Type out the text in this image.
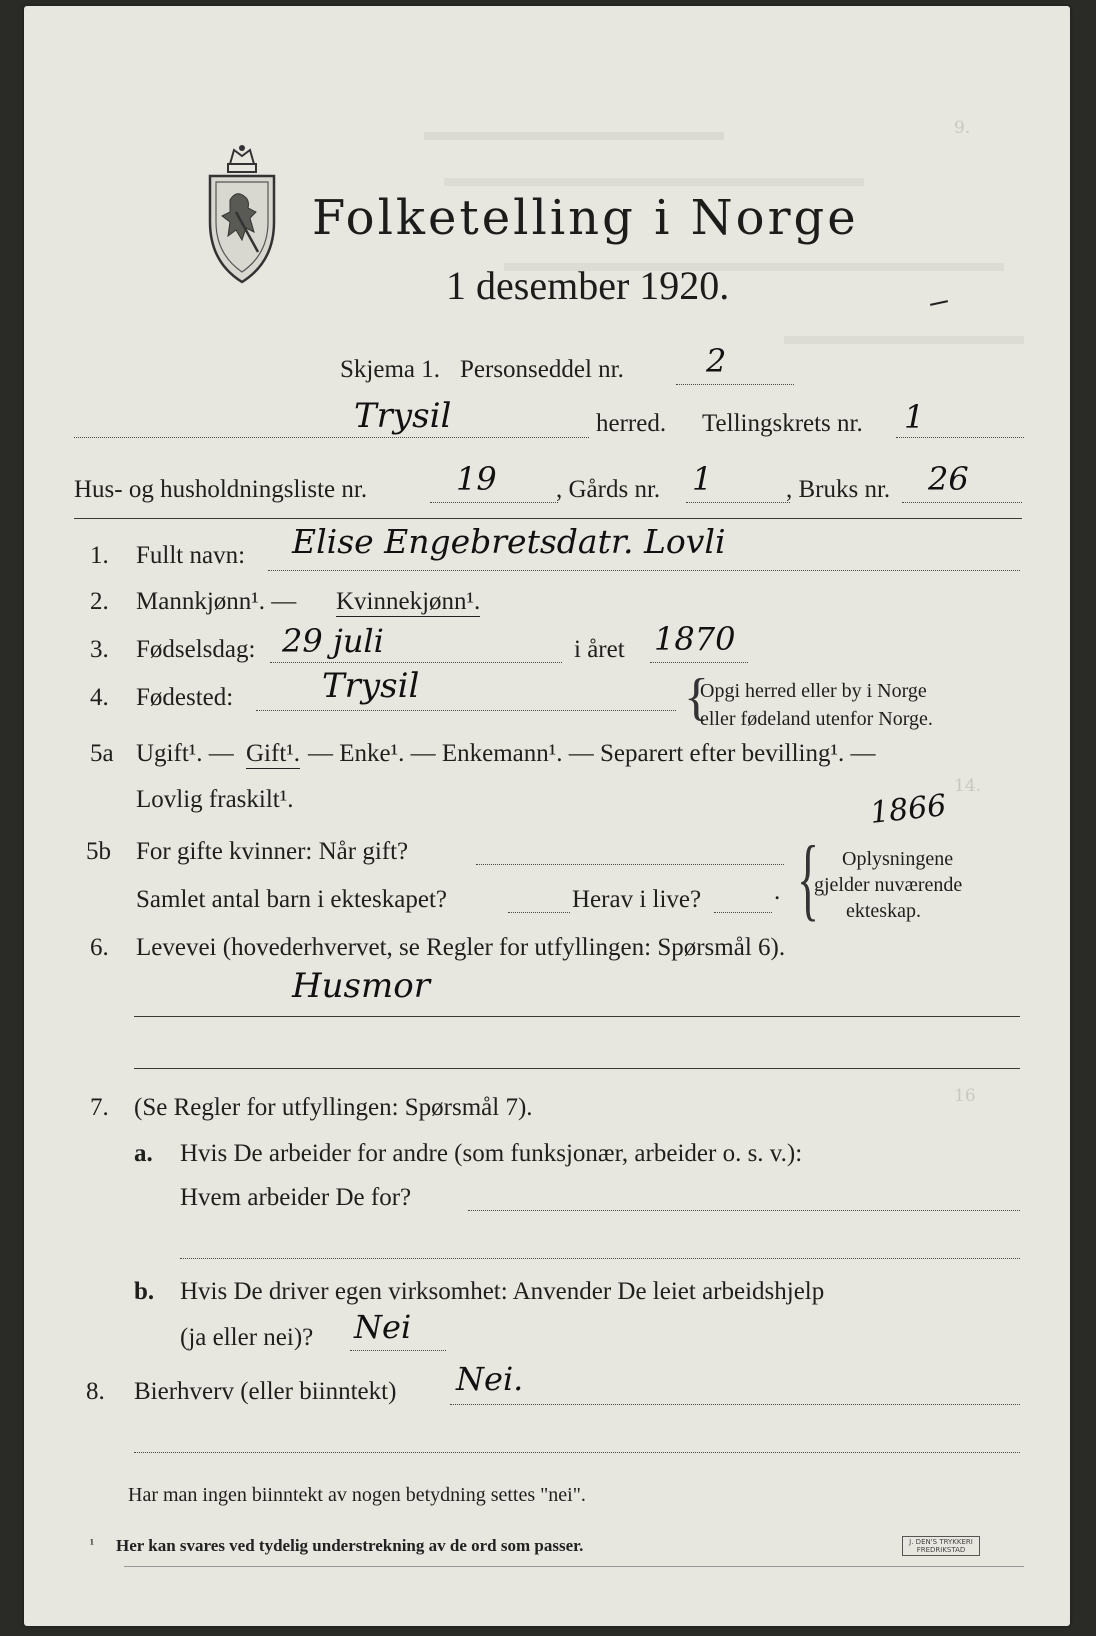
9.
14.
16
Folketelling i Norge
1 desember 1920.
Skjema 1. Personseddel nr.	2
Trysil	herred. Tellingskrets nr. 1
Hus- og husholdningsliste nr.	19 , Gårds nr. 1	, Bruks nr. 26
1. Fullt navn: Elise Engebretsdatr. Lovli
2. Mannkjønn¹. — Kvinnekjønn¹.
3. Fødselsdag: 29 juli	i året 1870
4. Fødested:	Trysil	{
Opgi herred eller by i Norge
eller fødeland utenfor Norge.
5a Ugift¹. — Gift¹. — Enke¹. — Enkemann¹. — Separert efter bevilling¹. —
Lovlig fraskilt¹.	1866
5b For gifte kvinner: Når gift?
Samlet antal barn i ekteskapet?	Herav i live?	. { Oplysningene
gjelder nuværende
ekteskap.
6. Levevei (hovederhvervet, se Regler for utfyllingen: Spørsmål 6).
Husmor
7. (Se Regler for utfyllingen: Spørsmål 7).
a. Hvis De arbeider for andre (som funksjonær, arbeider o. s. v.):
Hvem arbeider De for?
b. Hvis De driver egen virksomhet: Anvender De leiet arbeidshjelp
(ja eller nei)? Nei
8. Bierhverv (eller biinntekt) Nei.
Har man ingen biinntekt av nogen betydning settes "nei".
¹ Her kan svares ved tydelig understrekning av de ord som passer.	J. DEN'S TRYKKERI
FREDRIKSTAD
